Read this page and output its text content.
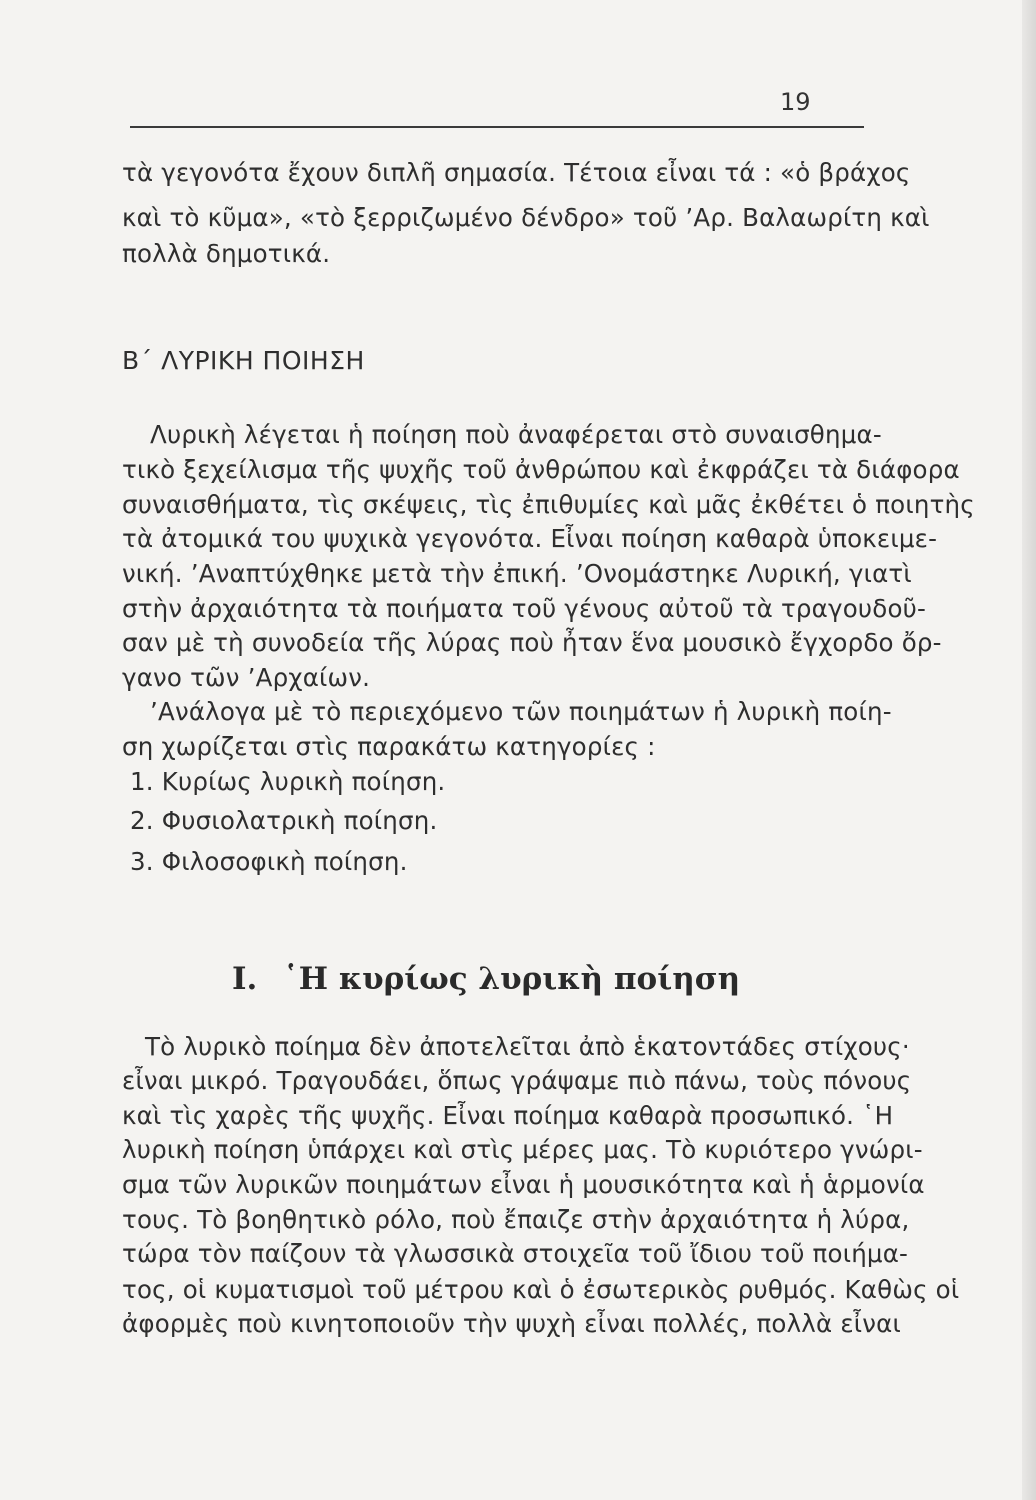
19

τὰ γεγονότα ἔχουν διπλῆ σημασία. Τέτοια εἶναι τά : «ὁ βράχος

καὶ τὸ κῦμα», «τὸ ξερριζωμένο δένδρο» τοῦ ’Αρ. Βαλαωρίτη καὶ

πολλὰ δημοτικά.

Β΄ ΛΥΡΙΚΗ ΠΟΙΗΣΗ

Λυρικὴ λέγεται ἡ ποίηση ποὺ ἀναφέρεται στὸ συναισθημα-

τικὸ ξεχείλισμα τῆς ψυχῆς τοῦ ἀνθρώπου καὶ ἐκφράζει τὰ διάφορα

συναισθήματα, τὶς σκέψεις, τὶς ἐπιθυμίες καὶ μᾶς ἐκθέτει ὁ ποιητὴς

τὰ ἀτομικά του ψυχικὰ γεγονότα. Εἶναι ποίηση καθαρὰ ὑποκειμε-

νική. ’Αναπτύχθηκε μετὰ τὴν ἐπική. ’Ονομάστηκε Λυρική, γιατὶ

στὴν ἀρχαιότητα τὰ ποιήματα τοῦ γένους αὐτοῦ τὰ τραγουδοῦ-

σαν μὲ τὴ συνοδεία τῆς λύρας ποὺ ἦταν ἕνα μουσικὸ ἔγχορδο ὄρ-

γανο τῶν ’Αρχαίων.

’Ανάλογα μὲ τὸ περιεχόμενο τῶν ποιημάτων ἡ λυρικὴ ποίη-

ση χωρίζεται στὶς παρακάτω κατηγορίες :

1. Κυρίως λυρικὴ ποίηση.

2. Φυσιολατρικὴ ποίηση.

3. Φιλοσοφικὴ ποίηση.

I. ῾Η κυρίως λυρικὴ ποίηση

Τὸ λυρικὸ ποίημα δὲν ἀποτελεῖται ἀπὸ ἑκατοντάδες στίχους·

εἶναι μικρό. Τραγουδάει, ὅπως γράψαμε πιὸ πάνω, τοὺς πόνους

καὶ τὶς χαρὲς τῆς ψυχῆς. Εἶναι ποίημα καθαρὰ προσωπικό. ῾Η

λυρικὴ ποίηση ὑπάρχει καὶ στὶς μέρες μας. Τὸ κυριότερο γνώρι-

σμα τῶν λυρικῶν ποιημάτων εἶναι ἡ μουσικότητα καὶ ἡ ἁρμονία

τους. Τὸ βοηθητικὸ ρόλο, ποὺ ἔπαιζε στὴν ἀρχαιότητα ἡ λύρα,

τώρα τὸν παίζουν τὰ γλωσσικὰ στοιχεῖα τοῦ ἴδιου τοῦ ποιήμα-

τος, οἱ κυματισμοὶ τοῦ μέτρου καὶ ὁ ἐσωτερικὸς ρυθμός. Καθὼς οἱ

ἀφορμὲς ποὺ κινητοποιοῦν τὴν ψυχὴ εἶναι πολλές, πολλὰ εἶναι
